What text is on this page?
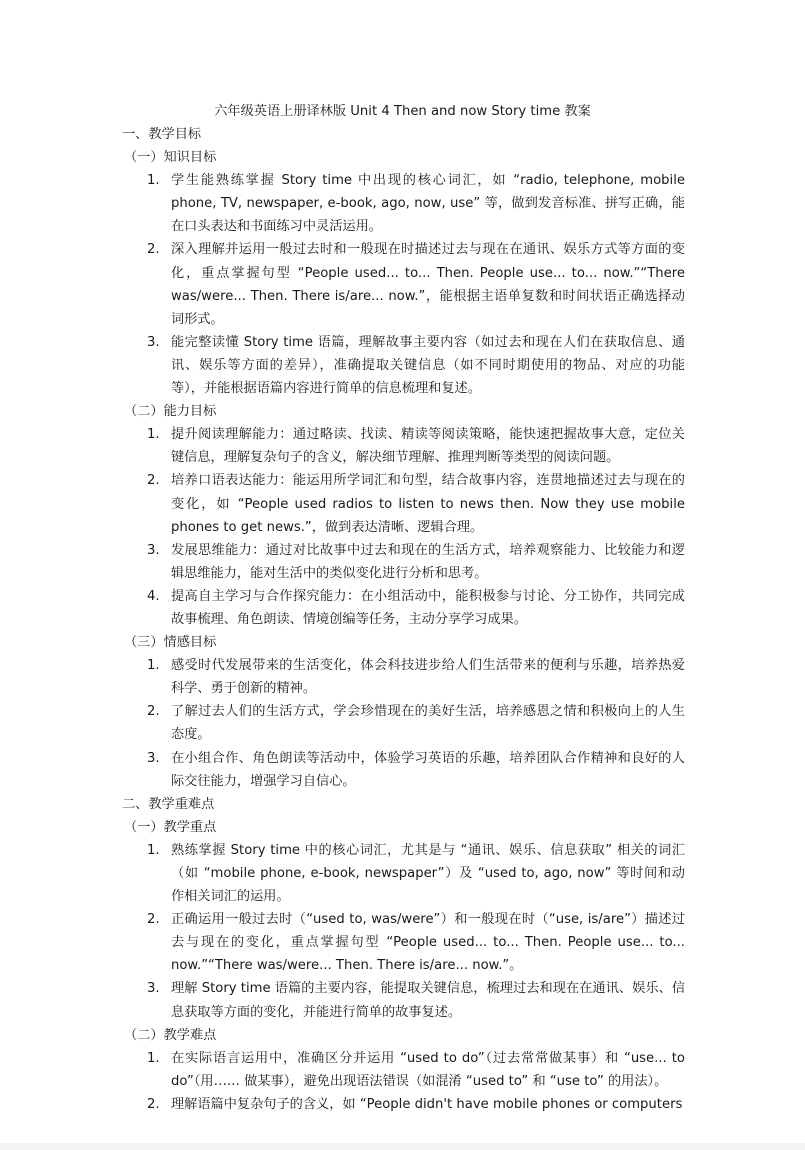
六年级英语上册译林版 Unit 4 Then and now Story time 教案
一、教学目标
（一）知识目标
1. 学生能熟练掌握 Story time 中出现的核心词汇，如 “radio, telephone, mobile phone, TV, newspaper, e-book, ago, now, use” 等，做到发音标准、拼写正确，能在口头表达和书面练习中灵活运用。
2. 深入理解并运用一般过去时和一般现在时描述过去与现在在通讯、娱乐方式等方面的变化，重点掌握句型 “People used... to... Then. People use... to... now.”“There was/were... Then. There is/are... now.”，能根据主语单复数和时间状语正确选择动词形式。
3. 能完整读懂 Story time 语篇，理解故事主要内容（如过去和现在人们在获取信息、通讯、娱乐等方面的差异），准确提取关键信息（如不同时期使用的物品、对应的功能等），并能根据语篇内容进行简单的信息梳理和复述。
（二）能力目标
1. 提升阅读理解能力：通过略读、找读、精读等阅读策略，能快速把握故事大意，定位关键信息，理解复杂句子的含义，解决细节理解、推理判断等类型的阅读问题。
2. 培养口语表达能力：能运用所学词汇和句型，结合故事内容，连贯地描述过去与现在的变化，如 “People used radios to listen to news then. Now they use mobile phones to get news.”，做到表达清晰、逻辑合理。
3. 发展思维能力：通过对比故事中过去和现在的生活方式，培养观察能力、比较能力和逻辑思维能力，能对生活中的类似变化进行分析和思考。
4. 提高自主学习与合作探究能力：在小组活动中，能积极参与讨论、分工协作，共同完成故事梳理、角色朗读、情境创编等任务，主动分享学习成果。
（三）情感目标
1. 感受时代发展带来的生活变化，体会科技进步给人们生活带来的便利与乐趣，培养热爱科学、勇于创新的精神。
2. 了解过去人们的生活方式，学会珍惜现在的美好生活，培养感恩之情和积极向上的人生态度。
3. 在小组合作、角色朗读等活动中，体验学习英语的乐趣，培养团队合作精神和良好的人际交往能力，增强学习自信心。
二、教学重难点
（一）教学重点
1. 熟练掌握 Story time 中的核心词汇，尤其是与 “通讯、娱乐、信息获取” 相关的词汇（如 “mobile phone, e-book, newspaper”）及 “used to, ago, now” 等时间和动作相关词汇的运用。
2. 正确运用一般过去时（“used to, was/were”）和一般现在时（“use, is/are”）描述过去与现在的变化，重点掌握句型 “People used... to... Then. People use... to... now.”“There was/were... Then. There is/are... now.”。
3. 理解 Story time 语篇的主要内容，能提取关键信息，梳理过去和现在在通讯、娱乐、信息获取等方面的变化，并能进行简单的故事复述。
（二）教学难点
1. 在实际语言运用中，准确区分并运用 “used to do”（过去常常做某事）和 “use... to do”（用…… 做某事），避免出现语法错误（如混淆 “used to” 和 “use to” 的用法）。
2. 理解语篇中复杂句子的含义，如 “People didn't have mobile phones or computers
